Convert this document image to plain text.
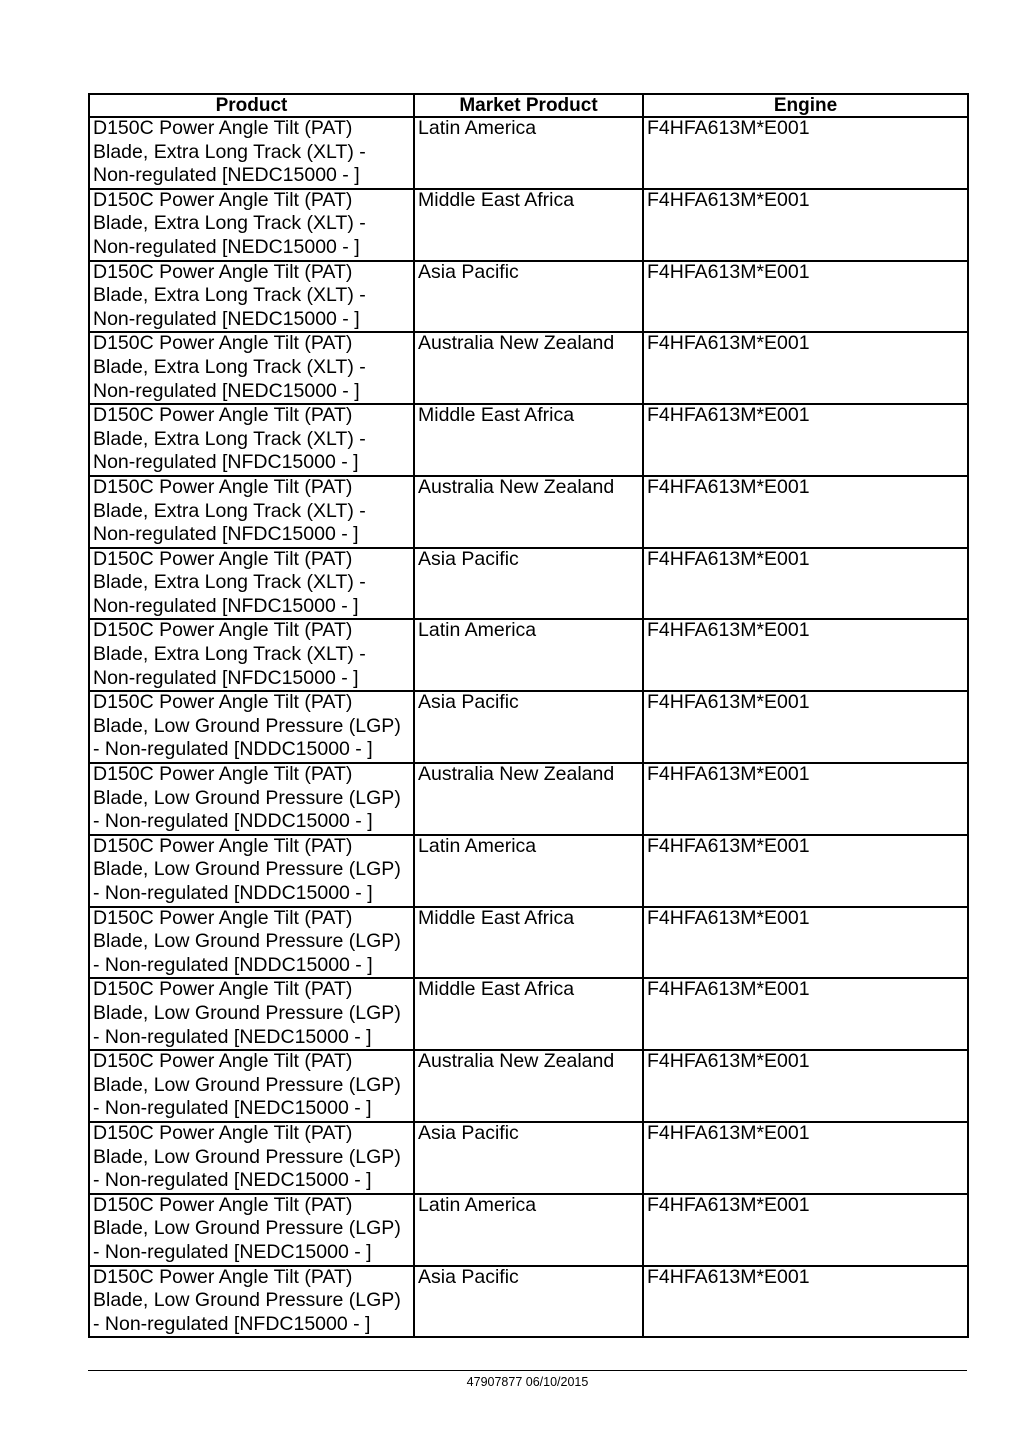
Product	Market Product	Engine

D150C Power Angle Tilt (PAT) Blade, Extra Long Track (XLT) - Non-regulated [NEDC15000 - ]	Latin America	F4HFA613M*E001

D150C Power Angle Tilt (PAT) Blade, Extra Long Track (XLT) - Non-regulated [NEDC15000 - ]	Middle East Africa	F4HFA613M*E001

D150C Power Angle Tilt (PAT) Blade, Extra Long Track (XLT) - Non-regulated [NEDC15000 - ]	Asia Pacific	F4HFA613M*E001

D150C Power Angle Tilt (PAT) Blade, Extra Long Track (XLT) - Non-regulated [NEDC15000 - ]	Australia New Zealand	F4HFA613M*E001

D150C Power Angle Tilt (PAT) Blade, Extra Long Track (XLT) - Non-regulated [NFDC15000 - ]	Middle East Africa	F4HFA613M*E001

D150C Power Angle Tilt (PAT) Blade, Extra Long Track (XLT) - Non-regulated [NFDC15000 - ]	Australia New Zealand	F4HFA613M*E001

D150C Power Angle Tilt (PAT) Blade, Extra Long Track (XLT) - Non-regulated [NFDC15000 - ]	Asia Pacific	F4HFA613M*E001

D150C Power Angle Tilt (PAT) Blade, Extra Long Track (XLT) - Non-regulated [NFDC15000 - ]	Latin America	F4HFA613M*E001

D150C Power Angle Tilt (PAT) Blade, Low Ground Pressure (LGP) - Non-regulated [NDDC15000 - ]	Asia Pacific	F4HFA613M*E001

D150C Power Angle Tilt (PAT) Blade, Low Ground Pressure (LGP) - Non-regulated [NDDC15000 - ]	Australia New Zealand	F4HFA613M*E001

D150C Power Angle Tilt (PAT) Blade, Low Ground Pressure (LGP) - Non-regulated [NDDC15000 - ]	Latin America	F4HFA613M*E001

D150C Power Angle Tilt (PAT) Blade, Low Ground Pressure (LGP) - Non-regulated [NDDC15000 - ]	Middle East Africa	F4HFA613M*E001

D150C Power Angle Tilt (PAT) Blade, Low Ground Pressure (LGP) - Non-regulated [NEDC15000 - ]	Middle East Africa	F4HFA613M*E001

D150C Power Angle Tilt (PAT) Blade, Low Ground Pressure (LGP) - Non-regulated [NEDC15000 - ]	Australia New Zealand	F4HFA613M*E001

D150C Power Angle Tilt (PAT) Blade, Low Ground Pressure (LGP) - Non-regulated [NEDC15000 - ]	Asia Pacific	F4HFA613M*E001

D150C Power Angle Tilt (PAT) Blade, Low Ground Pressure (LGP) - Non-regulated [NEDC15000 - ]	Latin America	F4HFA613M*E001

D150C Power Angle Tilt (PAT) Blade, Low Ground Pressure (LGP) - Non-regulated [NFDC15000 - ]	Asia Pacific	F4HFA613M*E001
47907877 06/10/2015
